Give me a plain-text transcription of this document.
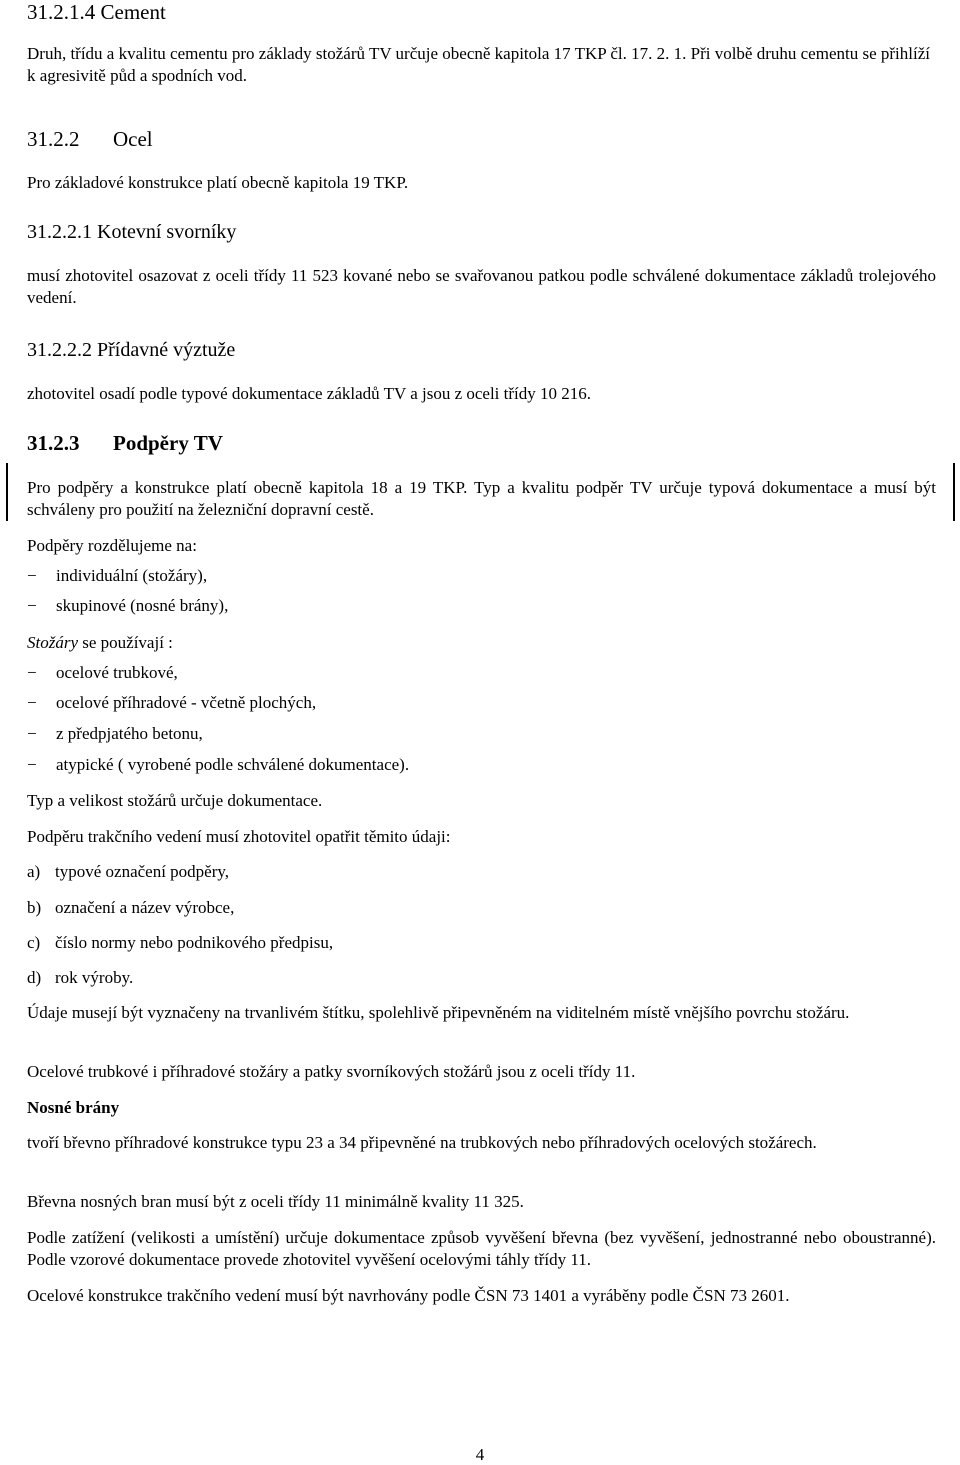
31.2.1.4 Cement

Druh, třídu a kvalitu cementu pro základy stožárů TV určuje obecně kapitola 17 TKP čl. 17. 2. 1. Při volbě druhu cementu se přihlíží k agresivitě půd a spodních vod.

31.2.2 Ocel

Pro základové konstrukce platí obecně kapitola 19 TKP.

31.2.2.1 Kotevní svorníky

musí zhotovitel osazovat z oceli třídy 11 523 kované nebo se svařovanou patkou podle schválené dokumentace základů trolejového vedení.

31.2.2.2 Přídavné výztuže

zhotovitel osadí podle typové dokumentace základů TV a jsou z oceli třídy 10 216.

31.2.3 Podpěry TV

Pro podpěry a konstrukce platí obecně kapitola 18 a 19 TKP. Typ a kvalitu podpěr TV určuje typová dokumentace a musí být schváleny pro použití na železniční dopravní cestě.

Podpěry rozdělujeme na:

− individuální (stožáry),
− skupinové (nosné brány),

Stožáry se používají :

− ocelové trubkové,
− ocelové příhradové - včetně plochých,
− z předpjatého betonu,
− atypické ( vyrobené podle schválené dokumentace).

Typ a velikost stožárů určuje dokumentace.

Podpěru trakčního vedení musí zhotovitel opatřit těmito údaji:

a) typové označení podpěry,
b) označení a název výrobce,
c) číslo normy nebo podnikového předpisu,
d) rok výroby.

Údaje musejí být vyznačeny na trvanlivém štítku, spolehlivě připevněném na viditelném místě vnějšího povrchu stožáru.

Ocelové trubkové i příhradové stožáry a patky svorníkových stožárů jsou z oceli třídy 11.

Nosné brány

tvoří břevno příhradové konstrukce typu 23 a 34 připevněné na trubkových nebo příhradových ocelových stožárech.

Břevna nosných bran musí být z oceli třídy 11 minimálně kvality 11 325.

Podle zatížení (velikosti a umístění) určuje dokumentace způsob vyvěšení břevna (bez vyvěšení, jednostranné nebo oboustranné). Podle vzorové dokumentace provede zhotovitel vyvěšení ocelovými táhly třídy 11.

Ocelové konstrukce trakčního vedení musí být navrhovány podle ČSN 73 1401 a vyráběny podle ČSN 73 2601.

4
